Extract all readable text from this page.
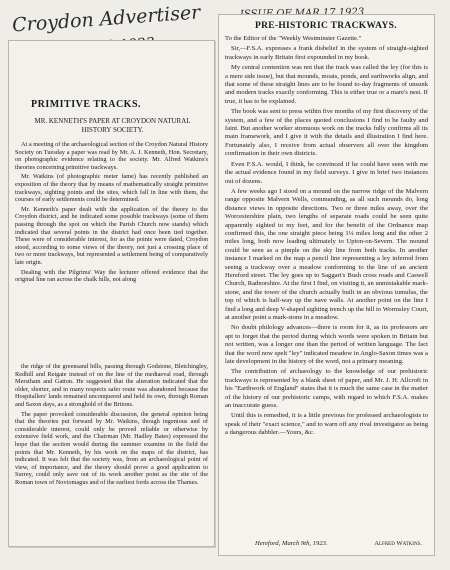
Croydon Advertiser
PRIMITIVE TRACKS.
MR. KENNETH'S PAPER AT CROYDON NATURAL HISTORY SOCIETY.

At a meeting of the archaeological section of the Croydon Natural History Society on Tuesday a paper was read by Mr. A. J. Kenneth, Hon. Secretary, on photographic evidence relating to the society. Mr. Alfred Watkins's theories concerning primitive trackways.

Mr. Watkins (of photographic meter fame) has recently published an exposition of the theory that by means of mathematically straight primitive trackways, sighting points and the sites, which fall in line with them, the courses of early settlements could be determined.

Mr. Kenneth's paper dealt with the application of the theory to the Croydon district, and he indicated some possible trackways (some of them passing through the spot on which the Parish Church now stands) which indicated that several points in the district had once been tied together. These were of considerable interest, for as the points were dated, Croydon stood, according to some views of the theory, not just a crossing place of two or more trackways, but represented a settlement being of comparatively late origin.

Dealing with the Pilgrims' Way the lecturer offered evidence that the original line ran across the chalk hills, not along

the ridge of the greensand hills, passing through Godstone, Bletchingley, Redhill and Reigate instead of on the line of the mediaeval road, through Merstham and Gatton. He suggested that the alteration indicated that the older, shorter, and in many respects safer route was abandoned because the Hospitallers' lands remained unconquered and held its own, through Roman and Saxon days, as a stronghold of the Britons.

The paper provoked considerable discussion, the general opinion being that the theories put forward by Mr. Watkins, though ingenious and of considerable interest, could only be proved reliable or otherwise by extensive field work, and the Chairman (Mr. Hadley Bates) expressed the hope that the section would during the summer examine in the field the points that Mr. Kenneth, by his work on the maps of the district, has indicated. It was felt that the society was, from an archaeological point of view, of importance, and the theory should prove a good application to Surrey, could only save out of its work another point as the site of the Roman town of Noviomagus and of the earliest fords across the Thames.

PRE-HISTORIC TRACKWAYS.
To the Editor of the "Weekly Westminster Gazette."

Sir,—F.S.A. expresses a frank disbelief in the system of straight-sighted trackways in early Britain first expounded in my book.

My central contention was not that the track was called the ley (for this is a mere side issue), but that mounds, moats, ponds, and earthworks align, and that some of these straight lines are to be found to-day fragments of unsunk and modern tracks exactly conforming. This is either true or a mare's nest. If true, it has to be explained.

The book was sent to press within five months of my first discovery of the system, and a few of the places quoted conclusions I find to be faulty and faint. But another worker strenuous work on the tracks fully confirms all its main framework, and I give it with the details and illustration I find here. Fortunately also, I receive from actual observers all over the kingdom confirmation in their own districts.

Even F.S.A. would, I think, be convinced if he could have seen with me the actual evidence found in my field surveys. I give in brief two instances out of dozens.

A few weeks ago I stood on a mound on the narrow ridge of the Malvern range opposite Malvern Wells, commanding, as all such mounds do, long distance views in opposite directions. Two or three miles away, over the Worcestershire plain, two lengths of separate roads could be seen quite apparently sighted to my feet, and for the benefit of the Ordnance map confirmed this, the one straight piece being 1¼ miles long and the other 2 miles long, both now leading ultimately to Upton-on-Severn. The mound could be seen as a pimple on the sky line from both tracks. In another instance I marked on the map a pencil line representing a ley inferred from seeing a trackway over a meadow conforming to the line of an ancient Hereford street. The ley goes up to Saggart's Bush cross roads and Caswell Church, Radnorshire. At the first I find, on visiting it, an unmistakable mark-stone, and the tower of the church actually built in an obvious tumulus, the top of which is half-way up the nave walls. At another point on the line I find a long and deep V-shaped sighting trench up the hill to Wormsley Court, at another point a mark-stone in a meadow.

No doubt philology advances—there is room for it, as its professors are apt to forget that the period during which words were spoken in Britain but not written, was a longer one than the period of written language. The fact that the word now spelt "ley" indicated meadow in Anglo-Saxon times was a late development in the history of the word, not a primary meaning.

The contribution of archaeology to the knowledge of our prehistoric trackways is represented by a blank sheet of paper, and Mr. J. H. Allcroft in his "Earthwork of England" states that it is much the same case in the matter of the history of our prehistoric camps, with regard to which F.S.A. makes an inaccurate guess.

Until this is remedied, it is a little previous for professed archaeologists to speak of their "exact science," and to warn off any rival investigator as being a dangerous dabbler.—Yours, &c.

Hereford, March 9th, 1923.	Alfred Watkins.
